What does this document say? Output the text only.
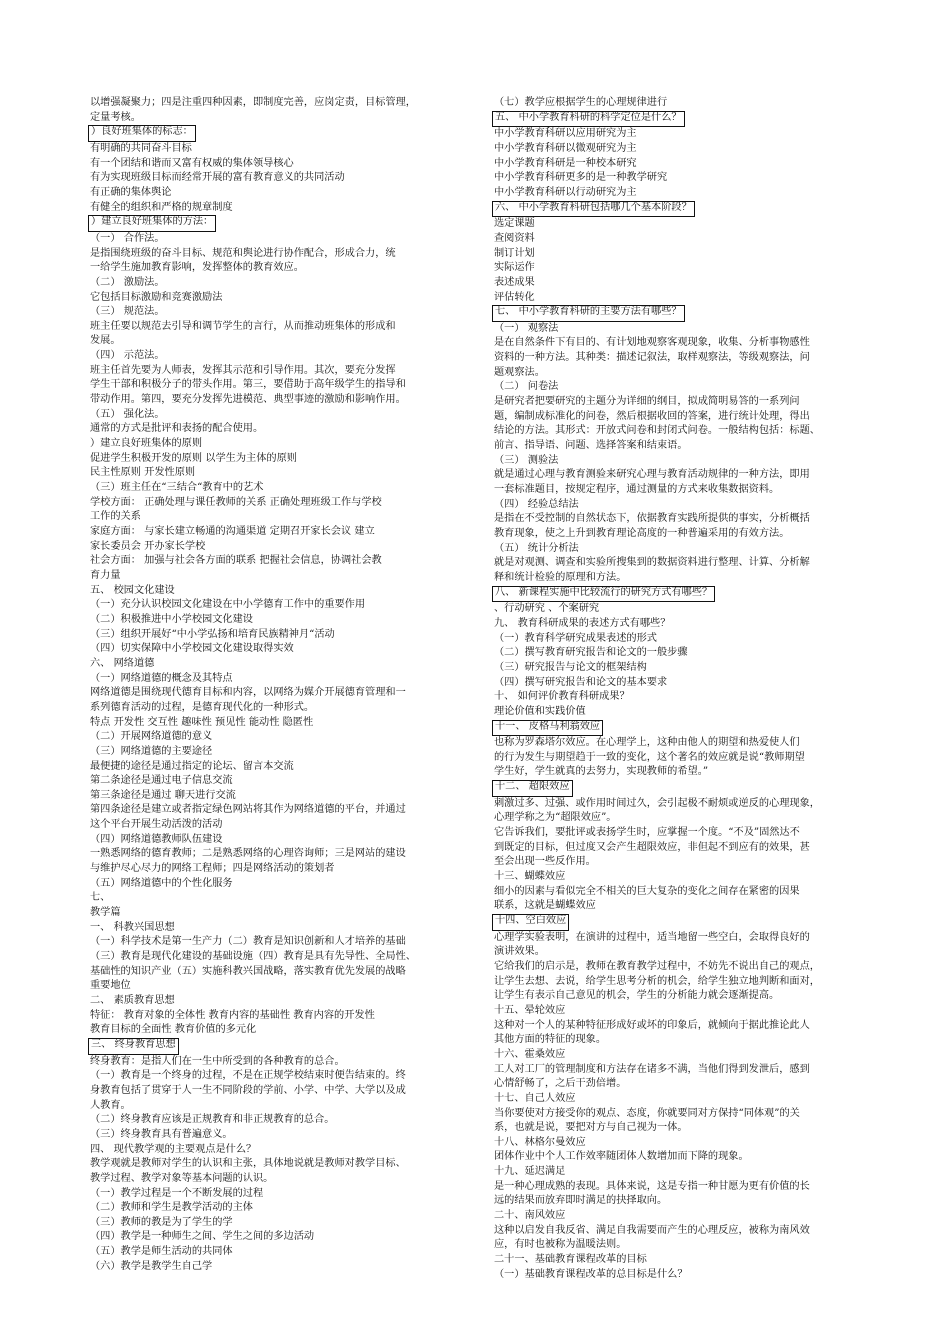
以增强凝聚力；四是注重四种因素，即制度完善，应岗定责，目标管理，
定量考核。
）良好班集体的标志：
有明确的共同奋斗目标
有一个团结和谐而又富有权威的集体领导核心
有为实现班级目标而经常开展的富有教育意义的共同活动
有正确的集体舆论
有健全的组织和严格的规章制度
）建立良好班集体的方法：
（一） 合作法。
是指围绕班级的奋斗目标、规范和舆论进行协作配合，形成合力，统
一给学生施加教育影响，发挥整体的教育效应。
（二） 激励法。
它包括目标激励和竞赛激励法
（三） 规范法。
班主任要以规范去引导和调节学生的言行，从而推动班集体的形成和
发展。
（四） 示范法。
班主任首先要为人师表，发挥其示范和引导作用。其次，要充分发挥
学生干部和积极分子的带头作用。第三，要借助于高年级学生的指导和
带动作用。第四，要充分发挥先进模范、典型事迹的激励和影响作用。
（五） 强化法。
通常的方式是批评和表扬的配合使用。
）建立良好班集体的原则
促进学生积极开发的原则 以学生为主体的原则
民主性原则 开发性原则
（三）班主任在“三结合“教育中的艺术
学校方面： 正确处理与课任教师的关系 正确处理班级工作与学校
工作的关系
家庭方面： 与家长建立畅通的沟通渠道 定期召开家长会议 建立
家长委员会 开办家长学校
社会方面： 加强与社会各方面的联系 把握社会信息，协调社会教
育力量
五、 校园文化建设
（一）充分认识校园文化建设在中小学德育工作中的重要作用
（二）积极推进中小学校园文化建设
（三）组织开展好“中小学弘扬和培育民族精神月“活动
（四）切实保障中小学校园文化建设取得实效
六、 网络道德
（一）网络道德的概念及其特点
网络道德是围绕现代德育目标和内容，以网络为媒介开展德育管理和一
系列德育活动的过程，是德育现代化的一种形式。
特点 开发性 交互性 趣味性 预见性 能动性 隐匿性
（二）开展网络道德的意义
（三）网络道德的主要途径
最便捷的途径是通过指定的论坛、留言本交流
第二条途径是通过电子信息交流
第三条途径是通过 聊天进行交流
第四条途径是建立或者指定绿色网站将其作为网络道德的平台，并通过
这个平台开展生动活泼的活动
（四）网络道德教师队伍建设
一熟悉网络的德育教师；二是熟悉网络的心理咨询师；三是网站的建设
与维护尽心尽力的网络工程师；四是网络活动的策划者
（五）网络道德中的个性化服务
七、
教学篇
一、 科教兴国思想
（一）科学技术是第一生产力（二）教育是知识创新和人才培养的基础
（三）教育是现代化建设的基础设施（四）教育是具有先导性、全局性、
基础性的知识产业（五）实施科教兴国战略，落实教育优先发展的战略
重要地位
二、 素质教育思想
特征： 教育对象的全体性 教育内容的基础性 教育内容的开发性
教育目标的全面性 教育价值的多元化
三、 终身教育思想
终身教育：是指人们在一生中所受到的各种教育的总合。
（一）教育是一个终身的过程，不是在正规学校结束时便告结束的。终
身教育包括了贯穿于人一生不同阶段的学前、小学、中学、大学以及成
人教育。
（二）终身教育应该是正规教育和非正规教育的总合。
（三）终身教育具有普遍意义。
四、 现代教学观的主要观点是什么？
教学观就是教师对学生的认识和主张，具体地说就是教师对教学目标、
教学过程、教学对象等基本问题的认识。
（一）教学过程是一个不断发展的过程
（二）教师和学生是教学活动的主体
（三）教师的教是为了学生的学
（四）教学是一种师生之间、学生之间的多边活动
（五）教学是师生活动的共同体
（六）教学是教学生自己学
（七）教学应根据学生的心理规律进行
五、 中小学教育科研的科学定位是什么？
中小学教育科研以应用研究为主
中小学教育科研以微观研究为主
中小学教育科研是一种校本研究
中小学教育科研更多的是一种教学研究
中小学教育科研以行动研究为主
六、 中小学教育科研包括哪几个基本阶段？
选定课题
查阅资料
制订计划
实际运作
表述成果
评估转化
七、 中小学教育科研的主要方法有哪些？
（一） 观察法
是在自然条件下有目的、有计划地观察客观现象，收集、分析事物感性
资料的一种方法。其种类：描述记叙法，取样观察法，等级观察法，问
题观察法。
（二） 问卷法
是研究者把要研究的主题分为详细的纲目，拟成简明易答的一系列问
题，编制成标准化的问卷，然后根据收回的答案，进行统计处理，得出
结论的方法。其形式：开放式问卷和封闭式问卷。一般结构包括：标题、
前言、指导语、问题、选择答案和结束语。
（三） 测验法
就是通过心理与教育测验来研究心理与教育活动规律的一种方法，即用
一套标准题目，按规定程序，通过测量的方式来收集数据资料。
（四） 经验总结法
是指在不受控制的自然状态下，依据教育实践所提供的事实，分析概括
教育现象，使之上升到教育理论高度的一种普遍采用的有效方法。
（五） 统计分析法
就是对观测、调查和实验所搜集到的数据资料进行整理、计算、分析解
释和统计检验的原理和方法。
八、 新课程实施中比较流行的研究方式有哪些？
、行动研究 、个案研究
九、 教育科研成果的表述方式有哪些？
（一）教育科学研究成果表述的形式
（二）撰写教育研究报告和论文的一般步骤
（三）研究报告与论文的框架结构
（四）撰写研究报告和论文的基本要求
十、 如何评价教育科研成果？
理论价值和实践价值
十一、 皮格马利翁效应
也称为罗森塔尔效应。在心理学上，这种由他人的期望和热爱使人们
的行为发生与期望趋于一致的变化，这个著名的效应就是说“教师期望
学生好，学生就真的去努力，实现教师的希望。”
十二、 超限效应
刺激过多、过强、或作用时间过久，会引起极不耐烦或逆反的心理现象，
心理学称之为“超限效应”。
它告诉我们，要批评或表扬学生时，应掌握一个度。“不及”固然达不
到既定的目标，但过度又会产生超限效应，非但起不到应有的效果，甚
至会出现一些反作用。
十三、蝴蝶效应
细小的因素与看似完全不相关的巨大复杂的变化之间存在紧密的因果
联系，这就是蝴蝶效应
十四、空白效应
心理学实验表明，在演讲的过程中，适当地留一些空白，会取得良好的
演讲效果。
它给我们的启示是，教师在教育教学过程中，不妨先不说出自己的观点，
让学生去想、去说，给学生思考分析的机会，给学生独立地判断和面对，
让学生有表示自己意见的机会，学生的分析能力就会逐渐提高。
十五、晕轮效应
这种对一个人的某种特征形成好或坏的印象后，就倾向于据此推论此人
其他方面的特征的现象。
十六、霍桑效应
工人对工厂的管理制度和方法存在诸多不满，当他们得到发泄后，感到
心情舒畅了，之后干劲倍增。
十七、自己人效应
当你要使对方接受你的观点、态度，你就要同对方保持“同体观”的关
系，也就是说，要把对方与自己视为一体。
十八、林格尔曼效应
团体作业中个人工作效率随团体人数增加而下降的现象。
十九、延迟满足
是一种心理成熟的表现。具体来说，这是专指一种甘愿为更有价值的长
远的结果而放弃即时满足的抉择取向。
二十、南风效应
这种以启发自我反省、满足自我需要而产生的心理反应，被称为南风效
应，有时也被称为温暖法则。
二十一、基础教育课程改革的目标
（一）基础教育课程改革的总目标是什么？
